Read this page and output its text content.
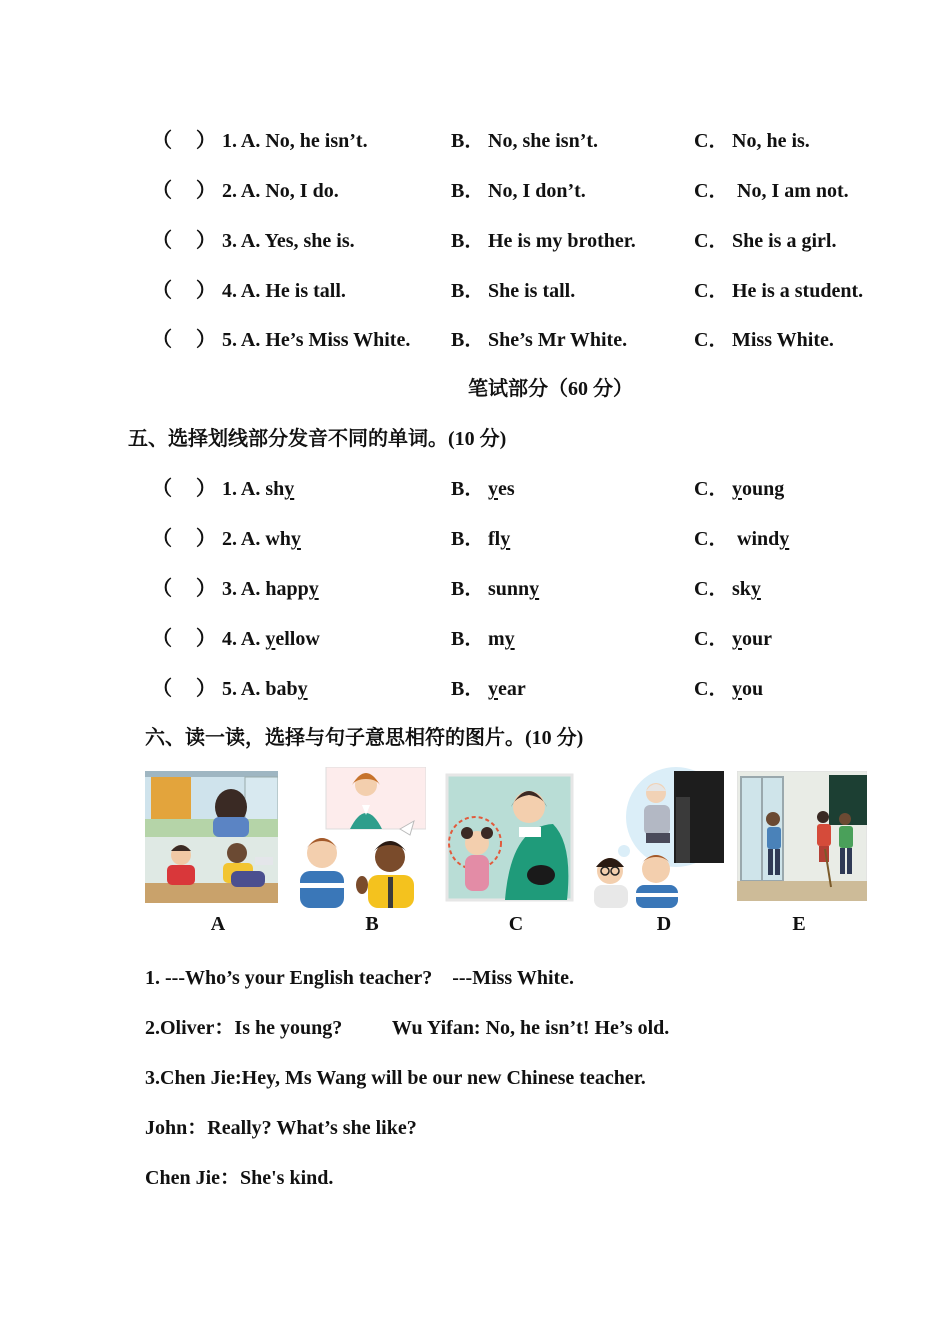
（ ） 1. A. No, he isn’t.	B． No, she isn’t.	C． No, he is.
（ ） 2. A. No, I do.	B． No, I don’t.	C． No, I am not.
（ ） 3. A. Yes, she is.	B． He is my brother.	C． She is a girl.
（ ） 4. A. He is tall.	B． She is tall.	C． He is a student.
（ ） 5. A. He’s Miss White. B． She’s Mr White.	C． Miss White.
笔试部分（60 分）
五、选择划线部分发音不同的单词。(10 分)
（ ） 1. A. shy	B． yes	C． young
（ ） 2. A. why	B． fly	C． windy
（ ） 3. A. happy	B． sunny	C． sky
（ ） 4. A. yellow	B． my	C． your
（ ） 5. A. baby	B． year	C． you
六、读一读，选择与句子意思相符的图片。(10 分)
A	B	C	D	E
1. ---Who’s your English teacher?    ---Miss White.
2.Oliver：Is he young?          Wu Yifan: No, he isn’t! He’s old.
3.Chen Jie:Hey, Ms Wang will be our new Chinese teacher.
John：Really? What’s she like?
Chen Jie：She's kind.
